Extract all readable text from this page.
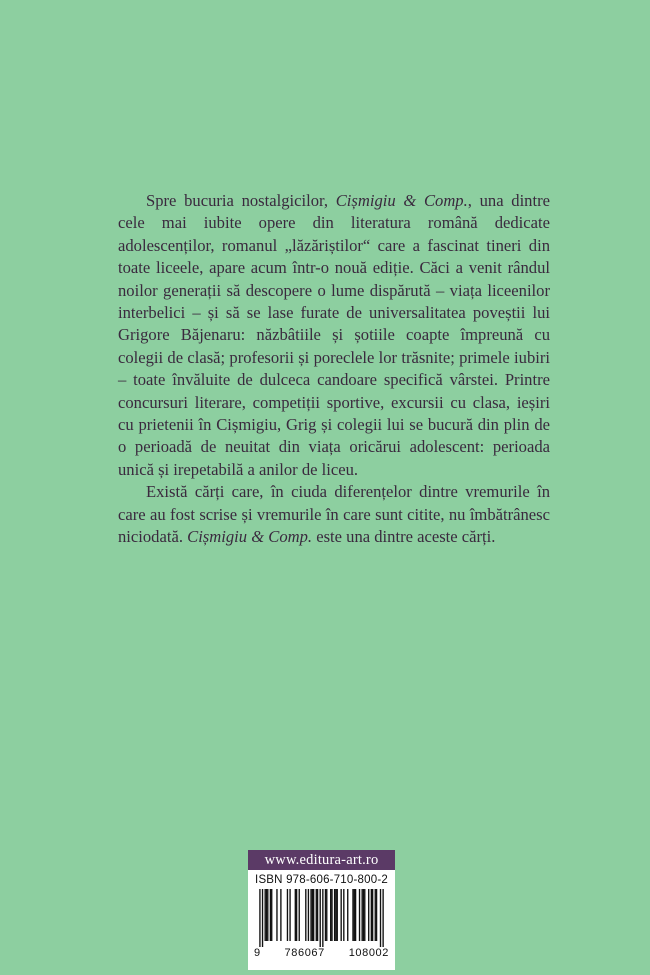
Spre bucuria nostalgicilor, Cișmigiu & Comp., una dintre cele mai iubite opere din literatura română dedicate adolescenților, romanul „lăzăriștilor“ care a fascinat tineri din toate liceele, apare acum într-o nouă ediție. Căci a venit rândul noilor generații să descopere o lume dispărută – viața liceenilor interbelici – și să se lase furate de universalitatea poveștii lui Grigore Băjenaru: năzbâtiile și șotiile coapte împreună cu colegii de clasă; profesorii și poreclele lor trăsnite; primele iubiri – toate învăluite de dulceca candoare specifică vârstei. Printre concursuri literare, competiții sportive, excursii cu clasa, ieșiri cu prietenii în Cișmigiu, Grig și colegii lui se bucură din plin de o perioadă de neuitat din viața oricărui adolescent: perioada unică și irepetabilă a anilor de liceu.

Există cărți care, în ciuda diferențelor dintre vremurile în care au fost scrise și vremurile în care sunt citite, nu îmbătrânesc niciodată. Cișmigiu & Comp. este una dintre aceste cărți.

www.editura-art.ro
ISBN 978-606-710-800-2
9 786067 108002
